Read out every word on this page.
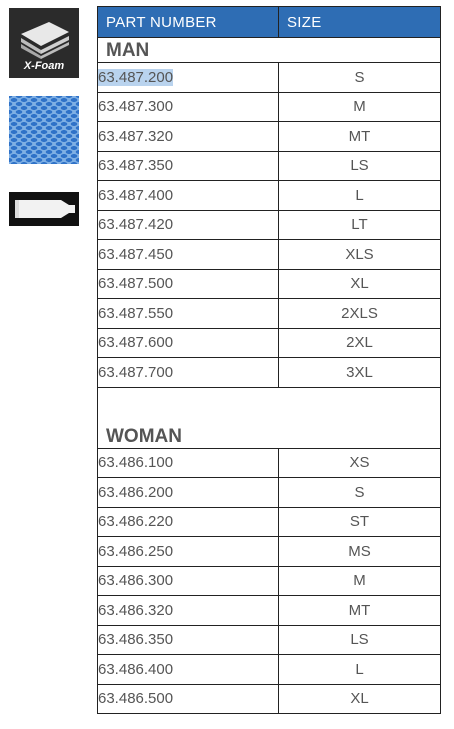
X-Foam
PART NUMBER	SIZE
MAN	
63.487.200	S
63.487.300	M
63.487.320	MT
63.487.350	LS
63.487.400	L
63.487.420	LT
63.487.450	XLS
63.487.500	XL
63.487.550	2XLS
63.487.600	2XL
63.487.700	3XL
WOMAN	
63.486.100	XS
63.486.200	S
63.486.220	ST
63.486.250	MS
63.486.300	M
63.486.320	MT
63.486.350	LS
63.486.400	L
63.486.500	XL
